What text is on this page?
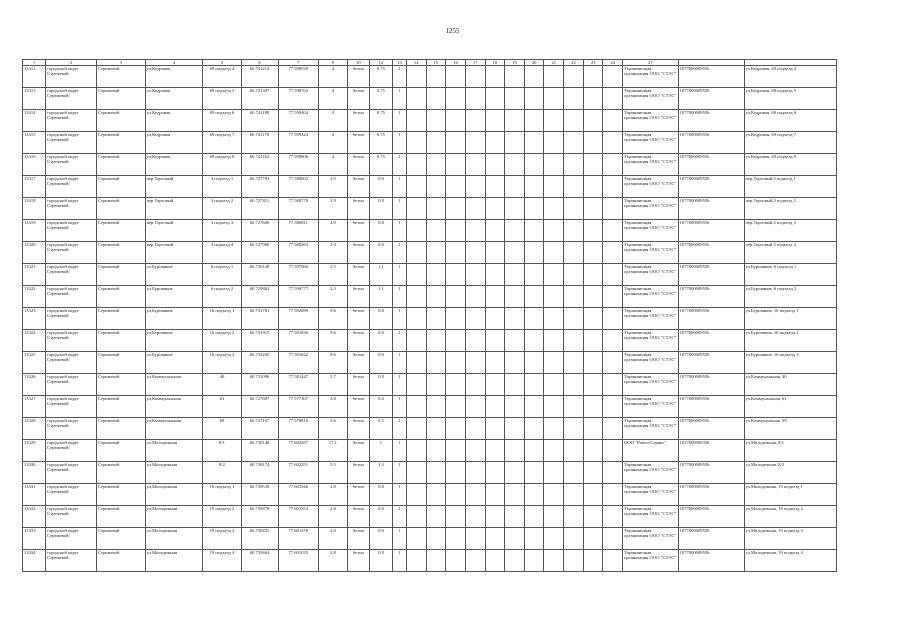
1255
1	2	3	4	5	6	7	9	10	12	13	14	15	16	17	18	19	20	21	22	23	24	27		
13312	городской округ Стрежевой	Стрежевой	ул.Кедровая	69 подъезд 4	60.741214	77.598539	4	бетон	0.75	1												Управляющая организация ООО "СТЭС"	1077000009556	ул.Кедровая, 69 подъезд 4
13313	городской округ Стрежевой	Стрежевой	ул.Кедровая	69 подъезд 5	60.741307	77.598763	4	бетон	0.75	1												Управляющая организация ООО "СТЭС"	1077000009556	ул.Кедровая, 69 подъезд 5
13314	городской округ Стрежевой	Стрежевой	ул.Кедровая	69 подъезд 6	60.741188	77.599404	4	бетон	0.75	1												Управляющая организация ООО "СТЭС"	1077000009556	ул.Кедровая, 69 подъезд 6
13315	городской округ Стрежевой	Стрежевой	ул.Кедровая	69 подъезд 7	60.741178	77.599324	4	бетон	0.75	1												Управляющая организация ООО "СТЭС"	1077000009556	ул.Кедровая, 69 подъезд 7
13316	городской округ Стрежевой	Стрежевой	ул.Кедровая	69 подъезд 8	60.741162	77.599606	4	бетон	0.75	1												Управляющая организация ООО "СТЭС"	1077000009556	ул.Кедровая, 69 подъезд 8
13317	городской округ Стрежевой	Стрежевой	пер.Торговый	3 подъезд 1	60.727783	77.588002	2.9	бетон	0.8	1												Управляющая организация ООО "СТЭС"	1077000009556	пер.Торговый,3 подъезд 1
13318	городской округ Стрежевой	Стрежевой	пер.Торговый	3 подъезд 2	60.727811	77.588770	2.9	бетон	0.8	1												Управляющая организация ООО "СТЭС"	1077000009556	пер.Торговый,3 подъезд 2
13319	городской округ Стрежевой	Стрежевой	пер.Торговый	3 подъезд 3	60.727600	77.588811	2.9	бетон	0.8	1												Управляющая организация ООО "СТЭС"	1077000009556	пер.Торговый,3 подъезд 3
13320	городской округ Стрежевой	Стрежевой	пер.Торговый	3 подъезд 4	60.727960	77.588263	2.9	бетон	0.8	1												Управляющая организация ООО "СТЭС"	1077000009556	пер.Торговый,3 подъезд 4
13321	городской округ Стрежевой	Стрежевой	ул.Буровиков	6 подъезд 1	60.730128	77.597066	2.5	бетон	1.1	1												Управляющая организация ООО "СТЭС"	1077000009556	ул.Буровиков, 6 подъезд 1
13322	городской округ Стрежевой	Стрежевой	ул.Буровиков	6 подъезд 2	60.729862	77.596777	2.5	бетон	1.1	1												Управляющая организация ООО "СТЭС"	1077000009556	ул.Буровиков, 6 подъезд 2
13323	городской округ Стрежевой	Стрежевой	ул.Буровиков	16 подъезд 1	60.731781	77.592089	9.6	бетон	0.8	1												Управляющая организация ООО "СТЭС"	1077000009556	ул.Буровиков, 16 подъезд 1
13324	городской округ Стрежевой	Стрежевой	ул.Буровиков	16 подъезд 2	60.731915	77.591836	9.6	бетон	0.8	1												Управляющая организация ООО "СТЭС"	1077000009556	ул.Буровиков, 16 подъезд 2
13325	городской округ Стрежевой	Стрежевой	ул.Буровиков	16 подъезд 3	60.732205	77.591632	9.6	бетон	0.8	1												Управляющая организация ООО "СТЭС"	1077000009556	ул.Буровиков, 16 подъезд 3
13326	городской округ Стрежевой	Стрежевой	ул.Коммунальная	40	60.731096	77.581447	5.7	бетон	0.8	1												Управляющая организация ООО "СТЭС"	1077000009556	ул.Коммунальная, 40
13327	городской округ Стрежевой	Стрежевой	ул.Коммунальная	61	60.727807	77.577307	3.8	бетон	0.4	1												Управляющая организация ООО "СТЭС"	1077000009556	ул.Коммунальная, 61
13328	городской округ Стрежевой	Стрежевой	ул.Коммунальная	69	60.727137	77.578816	5.6	бетон	0.5	1												Управляющая организация ООО "СТЭС"	1077000009556	ул.Коммунальная, 69
13329	городской округ Стрежевой	Стрежевой	ул.Молодежная	8/1	60.739148	77.602287	17.1	бетон	1	1												ООО "Ремсо-Сервис"	1027000909336	ул.Молодежная, 8/1
13330	городской округ Стрежевой	Стрежевой	ул.Молодежная	8/2	60.738174	77.602551	5.5	бетон	1.3	1												Управляющая организация ООО "СТЭС"	1077000009556	ул.Молодежная, 8/2
13331	городской округ Стрежевой	Стрежевой	ул.Молодежная	19 подъезд 1	60.739538	77.601546	2.8	бетон	0.8	1												Управляющая организация ООО "СТЭС"	1077000009556	ул.Молодежная, 19 подъезд 1
13332	городской округ Стрежевой	Стрежевой	ул.Молодежная	19 подъезд 2	60.739478	77.601353	2.8	бетон	0.8	1												Управляющая организация ООО "СТЭС"	1077000009556	ул.Молодежная, 19 подъезд 2
13333	городской округ Стрежевой	Стрежевой	ул.Молодежная	19 подъезд 3	60.739455	77.601278	2.8	бетон	0.8	1												Управляющая организация ООО "СТЭС"	1077000009556	ул.Молодежная, 19 подъезд 3
13334	городской округ Стрежевой	Стрежевой	ул.Молодежная	19 подъезд 4	60.739464	77.601033	2.8	бетон	0.8	1												Управляющая организация ООО "СТЭС"	1077000009556	ул.Молодежная, 19 подъезд 4
